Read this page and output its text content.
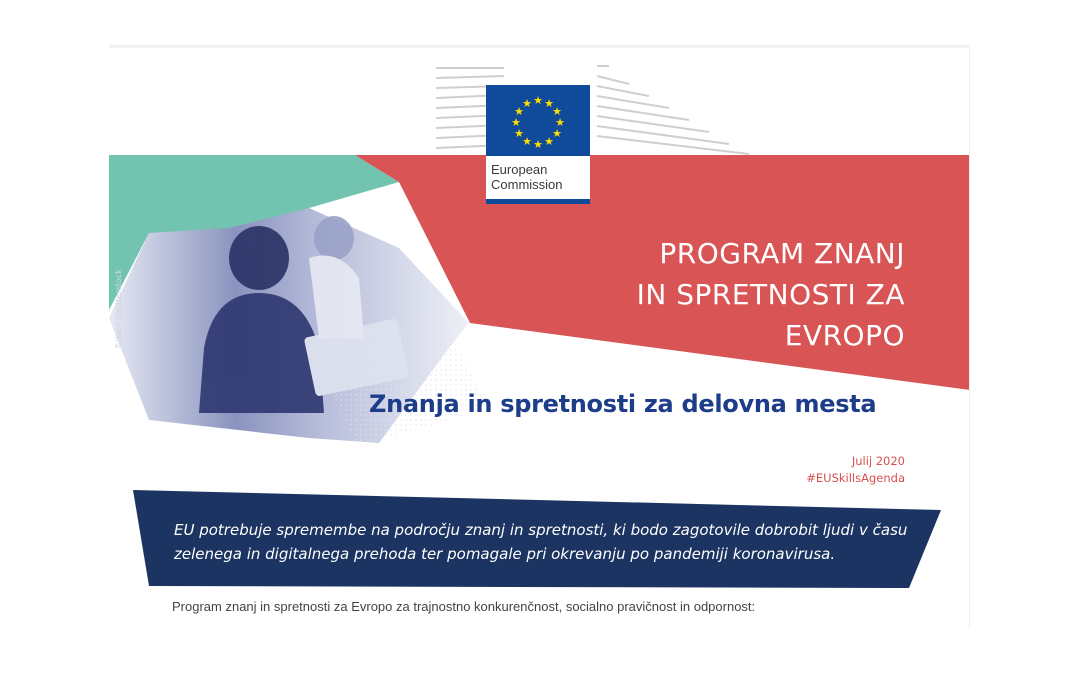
fizkes/ Shutterstock
★ ★
★
★
★
★
★
★
★
★
★
★
European
Commission
PROGRAM ZNANJ
IN SPRETNOSTI ZA
EVROPO
Znanja in spretnosti za delovna mesta
Julij 2020
#EUSkillsAgenda
EU potrebuje spremembe na področju znanj in spretnosti, ki bodo zagotovile dobrobit ljudi v času
zelenega in digitalnega prehoda ter pomagale pri okrevanju po pandemiji koronavirusa.
Program znanj in spretnosti za Evropo za trajnostno konkurenčnost, socialno pravičnost in odpornost:
